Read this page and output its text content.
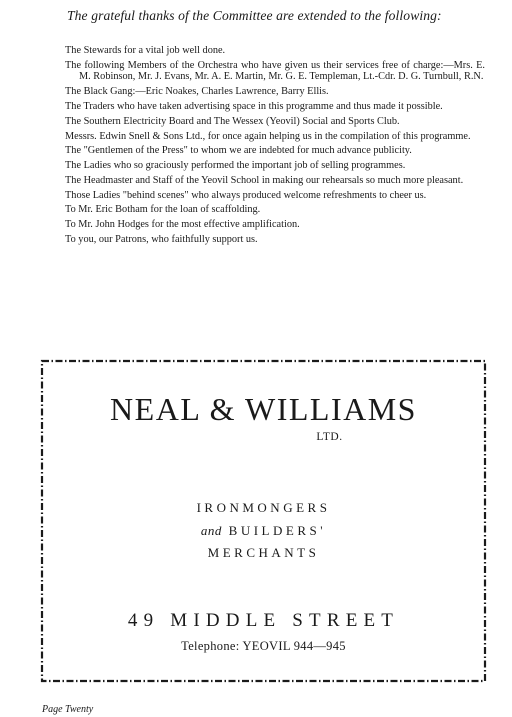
The grateful thanks of the Committee are extended to the following:
The Stewards for a vital job well done.
The following Members of the Orchestra who have given us their services free of charge:—Mrs. E. M. Robinson, Mr. J. Evans, Mr. A. E. Martin, Mr. G. E. Templeman, Lt.-Cdr. D. G. Turnbull, R.N.
The Black Gang:—Eric Noakes, Charles Lawrence, Barry Ellis.
The Traders who have taken advertising space in this programme and thus made it possible.
The Southern Electricity Board and The Wessex (Yeovil) Social and Sports Club.
Messrs. Edwin Snell & Sons Ltd., for once again helping us in the compilation of this programme.
The "Gentlemen of the Press" to whom we are indebted for much advance publicity.
The Ladies who so graciously performed the important job of selling programmes.
The Headmaster and Staff of the Yeovil School in making our rehearsals so much more pleasant.
Those Ladies "behind scenes" who always produced welcome refreshments to cheer us.
To Mr. Eric Botham for the loan of scaffolding.
To Mr. John Hodges for the most effective amplification.
To you, our Patrons, who faithfully support us.
NEAL & WILLIAMS
LTD.
IRONMONGERS
and BUILDERS'
MERCHANTS
49 MIDDLE STREET
Telephone: YEOVIL 944—945
Page Twenty
